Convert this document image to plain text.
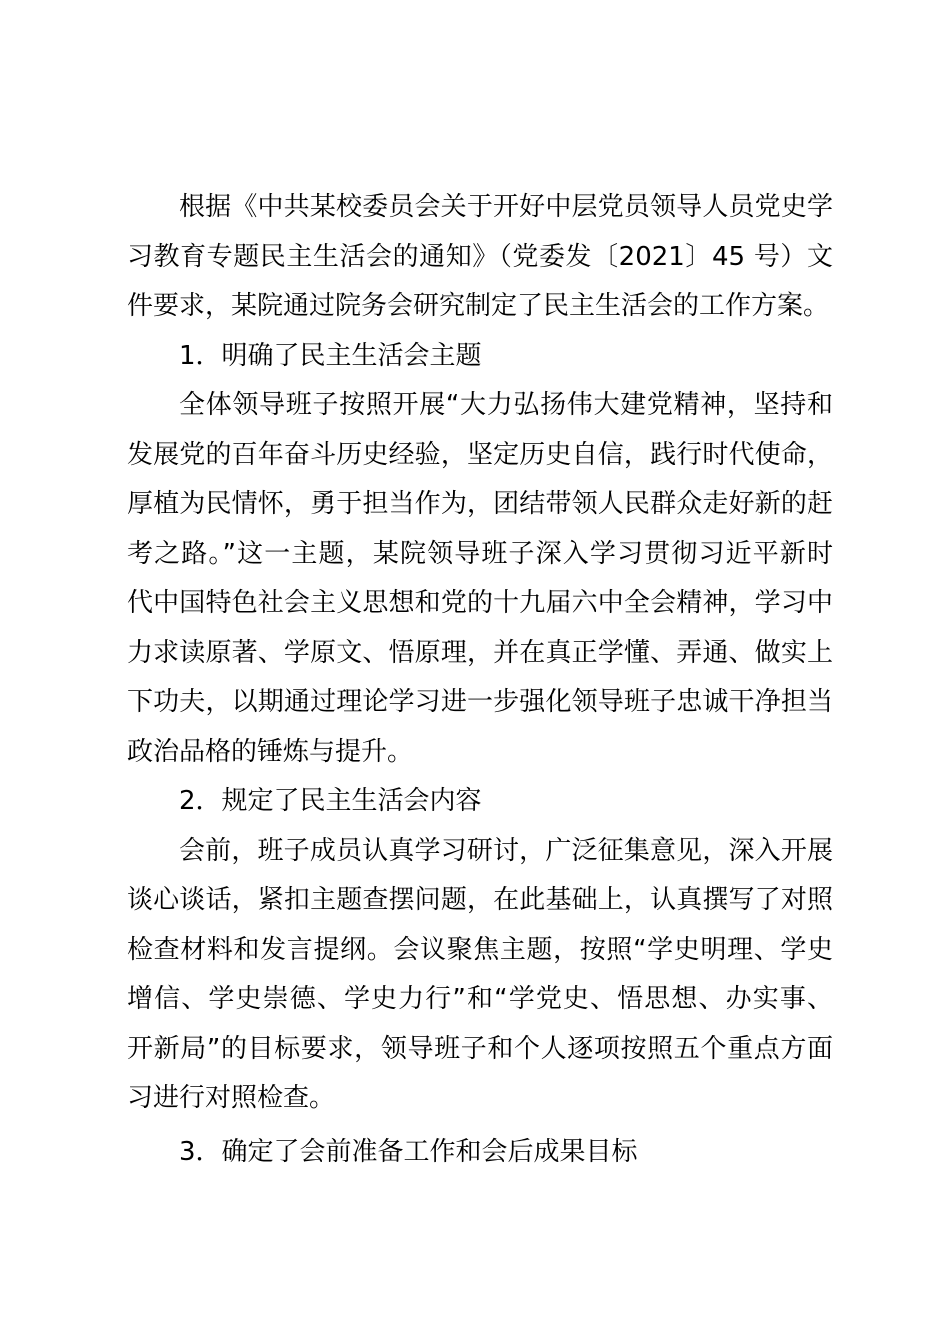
根据《中共某校委员会关于开好中层党员领导人员党史学
习教育专题民主生活会的通知》（党委发〔2021〕45 号）文
件要求，某院通过院务会研究制定了民主生活会的工作方案。
1．明确了民主生活会主题
全体领导班子按照开展“大力弘扬伟大建党精神，坚持和
发展党的百年奋斗历史经验，坚定历史自信，践行时代使命，
厚植为民情怀，勇于担当作为，团结带领人民群众走好新的赶
考之路。”这一主题，某院领导班子深入学习贯彻习近平新时
代中国特色社会主义思想和党的十九届六中全会精神，学习中
力求读原著、学原文、悟原理，并在真正学懂、弄通、做实上
下功夫，以期通过理论学习进一步强化领导班子忠诚干净担当
政治品格的锤炼与提升。
2．规定了民主生活会内容
会前，班子成员认真学习研讨，广泛征集意见，深入开展
谈心谈话，紧扣主题查摆问题，在此基础上，认真撰写了对照
检查材料和发言提纲。会议聚焦主题，按照“学史明理、学史
增信、学史崇德、学史力行”和“学党史、悟思想、办实事、
开新局”的目标要求，领导班子和个人逐项按照五个重点方面
习进行对照检查。
3．确定了会前准备工作和会后成果目标
